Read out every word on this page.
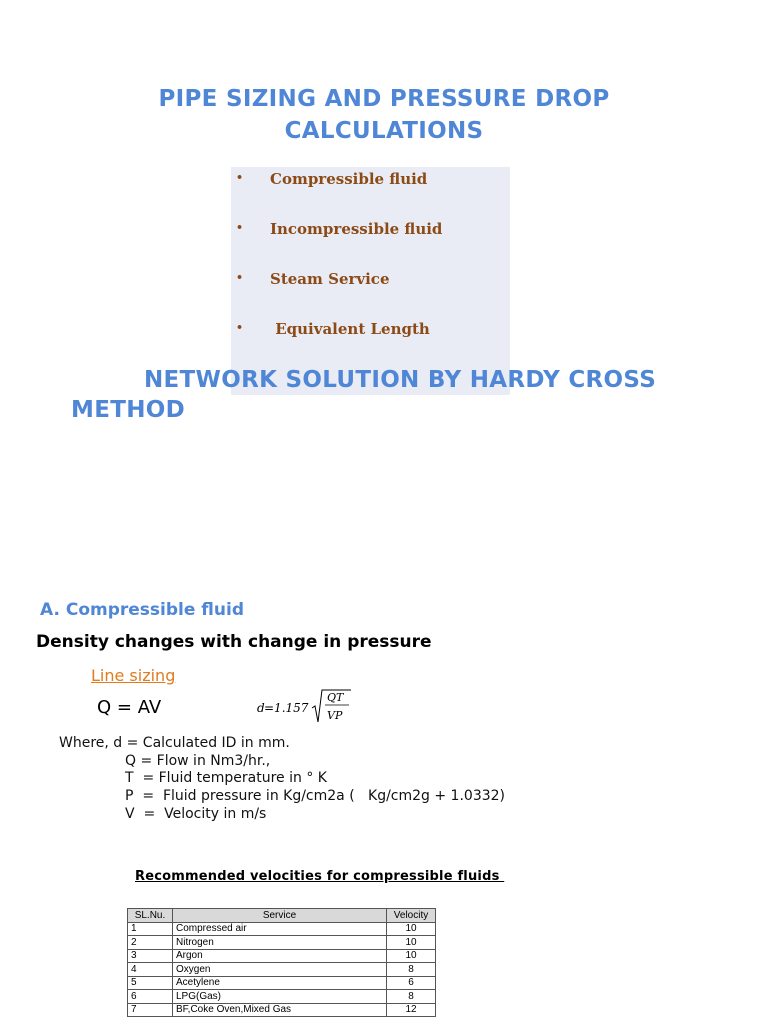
PIPE SIZING AND PRESSURE DROP
CALCULATIONS
• Compressible fluid
• Incompressible fluid
• Steam Service
• Equivalent Length
NETWORK SOLUTION BY HARDY CROSS
METHOD
A. Compressible fluid
Density changes with change in pressure
Line sizing
Q = AV	d =1.157
QT
VP
Where, d = Calculated ID in mm.
Q = Flow in Nm3/hr.,
T  = Fluid temperature in ° K
P  =  Fluid pressure in Kg/cm2a (   Kg/cm2g + 1.0332)
V  =  Velocity in m/s
Recommended velocities for compressible fluids
SL.Nu.	Service	Velocity
1	Compressed air	10
2	Nitrogen	10
3	Argon	10
4	Oxygen	8
5	Acetylene	6
6	LPG(Gas)	8
7	BF,Coke Oven,Mixed Gas	12
